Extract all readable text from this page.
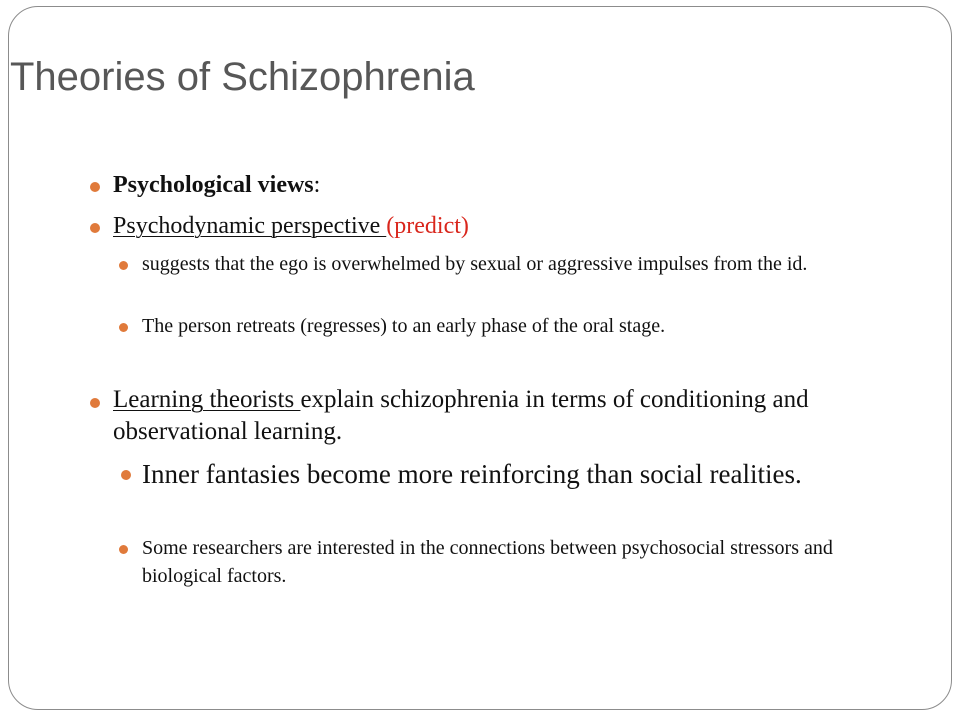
Theories of Schizophrenia
Psychological views:
Psychodynamic perspective (predict)
suggests that the ego is overwhelmed by sexual or aggressive impulses from the id.
The person retreats (regresses) to an early phase of the oral stage.
Learning theorists explain schizophrenia in terms of conditioning and observational learning.
Inner fantasies become more reinforcing than social realities.
Some researchers are interested in the connections between psychosocial stressors and biological factors.
